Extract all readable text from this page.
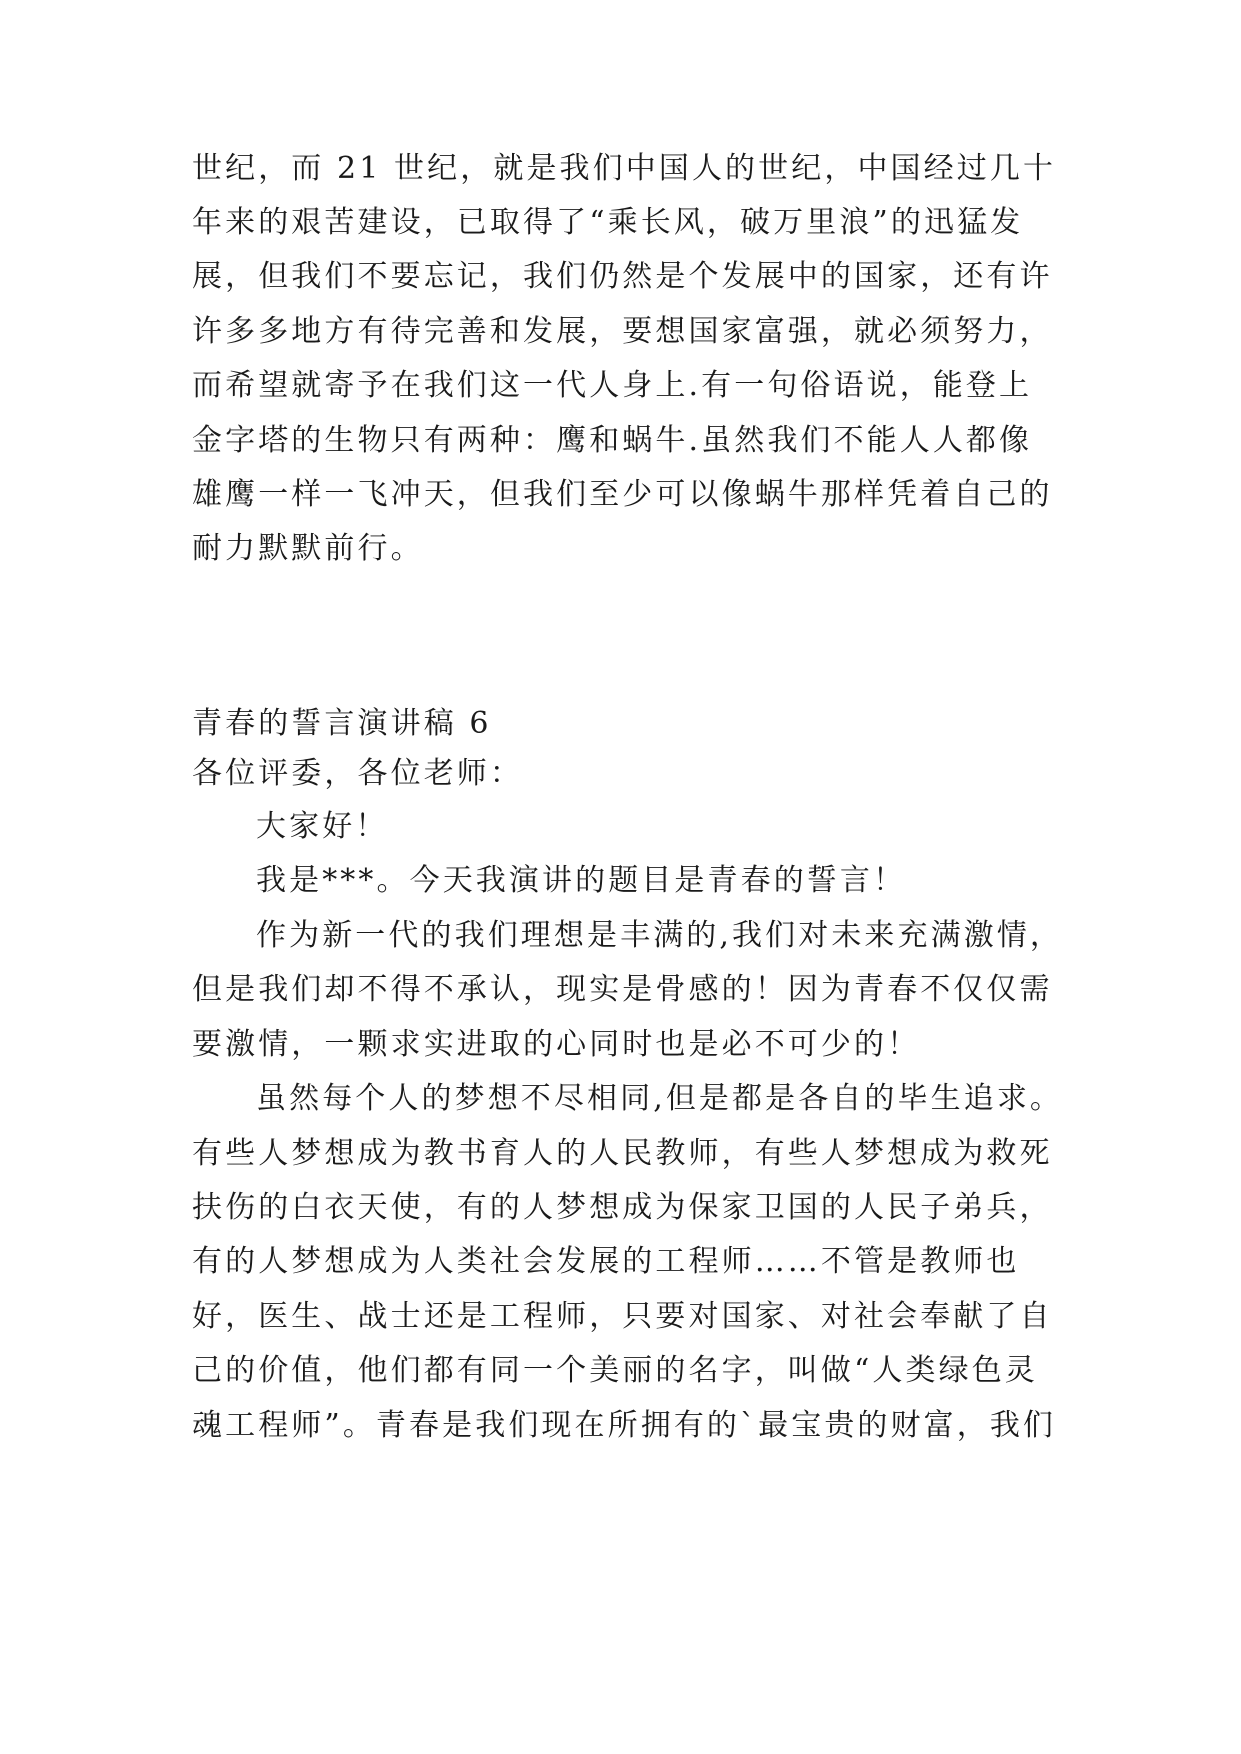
世纪，而 21 世纪，就是我们中国人的世纪，中国经过几十
年来的艰苦建设，已取得了“乘长风，破万里浪”的迅猛发
展，但我们不要忘记，我们仍然是个发展中的国家，还有许
许多多地方有待完善和发展，要想国家富强，就必须努力，
而希望就寄予在我们这一代人身上.有一句俗语说，能登上
金字塔的生物只有两种：鹰和蜗牛.虽然我们不能人人都像
雄鹰一样一飞冲天，但我们至少可以像蜗牛那样凭着自己的
耐力默默前行。
青春的誓言演讲稿 6
各位评委，各位老师：
大家好！
我是***。今天我演讲的题目是青春的誓言！
作为新一代的我们理想是丰满的,我们对未来充满激情，
但是我们却不得不承认，现实是骨感的！因为青春不仅仅需
要激情，一颗求实进取的心同时也是必不可少的！
虽然每个人的梦想不尽相同,但是都是各自的毕生追求。
有些人梦想成为教书育人的人民教师，有些人梦想成为救死
扶伤的白衣天使，有的人梦想成为保家卫国的人民子弟兵，
有的人梦想成为人类社会发展的工程师……不管是教师也
好，医生、战士还是工程师，只要对国家、对社会奉献了自
己的价值，他们都有同一个美丽的名字，叫做“人类绿色灵
魂工程师”。青春是我们现在所拥有的`最宝贵的财富，我们
